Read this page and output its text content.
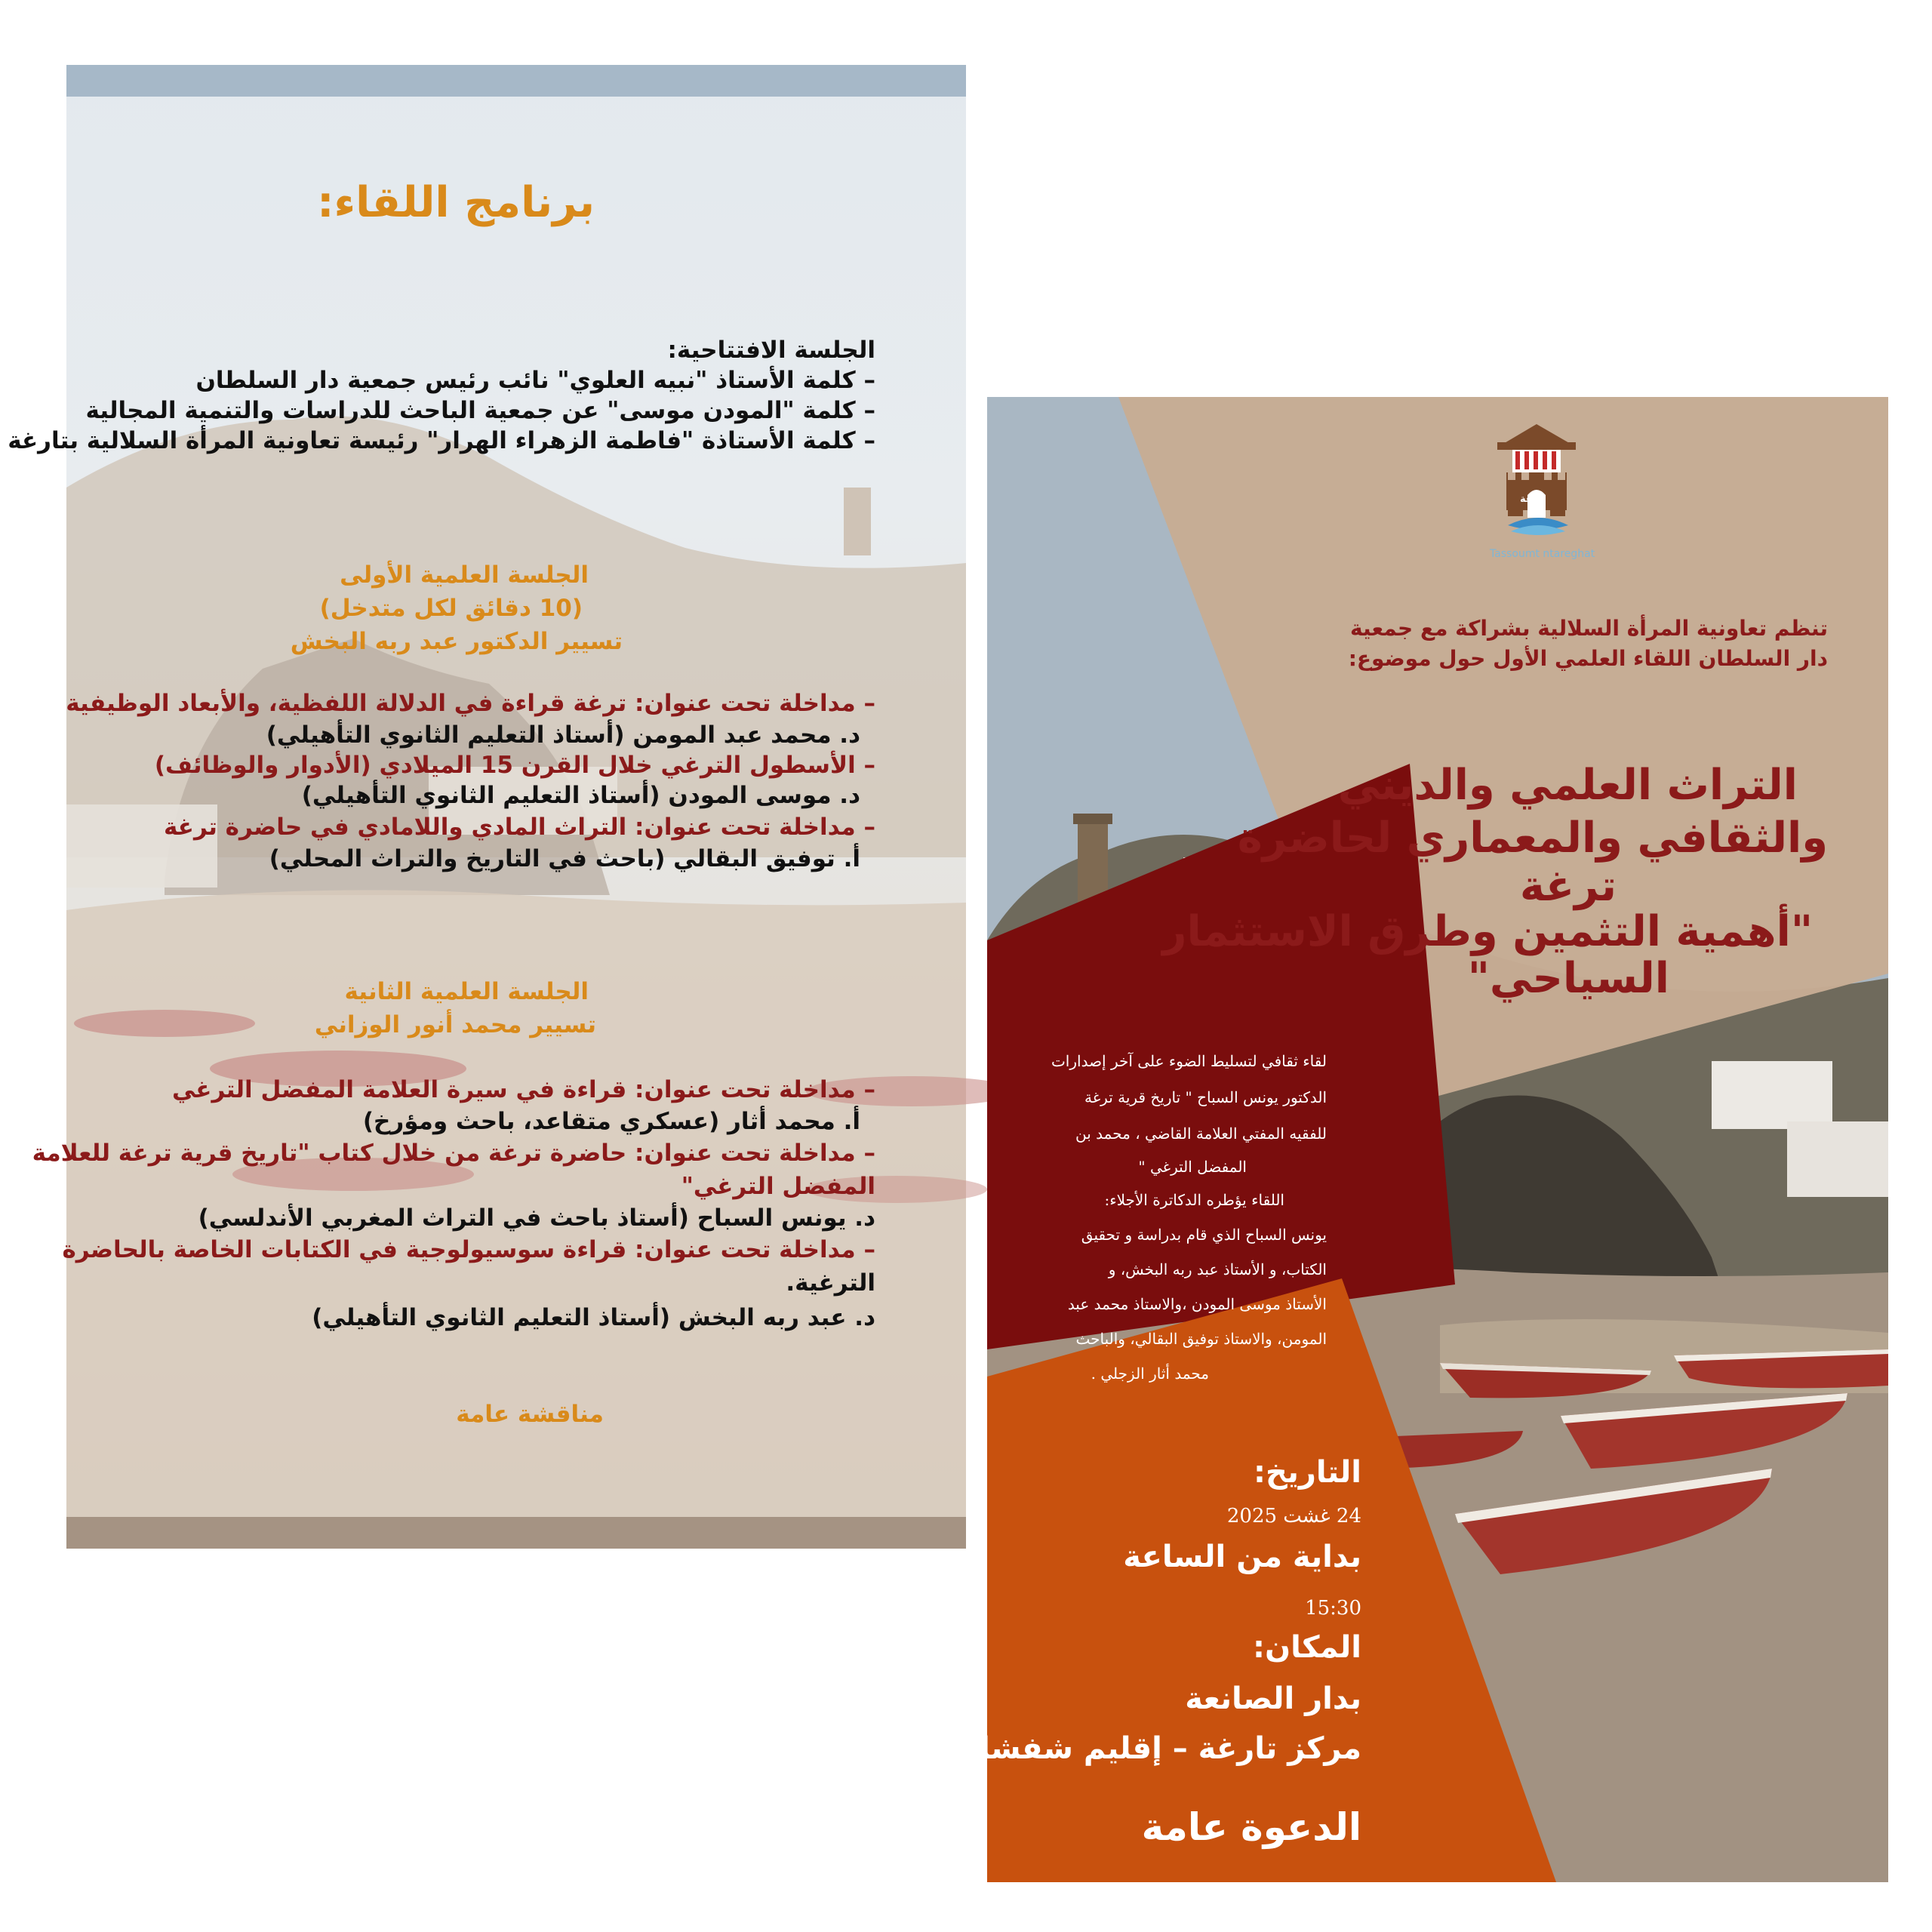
برنامج اللقاء:
الجلسة الافتتاحية:
– كلمة الأستاذ "نبيه العلوي" نائب رئيس جمعية دار السلطان
– كلمة "المودن موسى" عن جمعية الباحث للدراسات والتنمية المجالية
– كلمة الأستاذة "فاطمة الزهراء الهرار" رئيسة تعاونية المرأة السلالية بتارغة
الجلسة العلمية الأولى
(10 دقائق لكل متدخل)
تسيير الدكتور عبد ربه البخش
– مداخلة تحت عنوان: ترغة قراءة في الدلالة اللفظية، والأبعاد الوظيفية
د. محمد عبد المومن (أستاذ التعليم الثانوي التأهيلي)
– الأسطول الترغي خلال القرن 15 الميلادي (الأدوار والوظائف)
د. موسى المودن (أستاذ التعليم الثانوي التأهيلي)
– مداخلة تحت عنوان: التراث المادي واللامادي في حاضرة ترغة
أ. توفيق البقالي (باحث في التاريخ والتراث المحلي)
الجلسة العلمية الثانية
تسيير محمد أنور الوزاني
– مداخلة تحت عنوان: قراءة في سيرة العلامة المفضل الترغي
أ. محمد أثار (عسكري متقاعد، باحث ومؤرخ)
– مداخلة تحت عنوان: حاضرة ترغة من خلال كتاب "تاريخ قرية ترغة للعلامة
المفضل الترغي"
د. يونس السباح (أستاذ باحث في التراث المغربي الأندلسي)
– مداخلة تحت عنوان: قراءة سوسيولوجية في الكتابات الخاصة بالحاضرة
الترغية.
د. عبد ربه البخش (أستاذ التعليم الثانوي التأهيلي)
مناقشة عامة
ترغة
Tassoumt ntareghat
تنظم تعاونية المرأة السلالية بشراكة مع جمعية
دار السلطان اللقاء العلمي الأول حول موضوع:
التراث العلمي والديني
والثقافي والمعماري لحاضرة
ترغة
"أهمية التثمين وطرق الاستثمار
السياحي"
لقاء ثقافي لتسليط الضوء على آخر إصدارات
الدكتور يونس السباح " تاريخ قرية ترغة
للفقيه المفتي العلامة القاضي ، محمد بن
المفضل الترغي "
اللقاء يؤطره الدكاترة الأجلاء:
يونس السباح الذي قام بدراسة و تحقيق
الكتاب، و الأستاذ عبد ربه البخش، و
الأستاذ موسى المودن ،والاستاذ محمد عبد
المومن، والاستاذ توفيق البقالي، والباحث
محمد أثار الزجلي .
التاريخ:
24 غشت 2025
بداية من الساعة
15:30
المكان:
بدار الصانعة
مركز تارغة – إقليم شفشاون
الدعوة عامة
